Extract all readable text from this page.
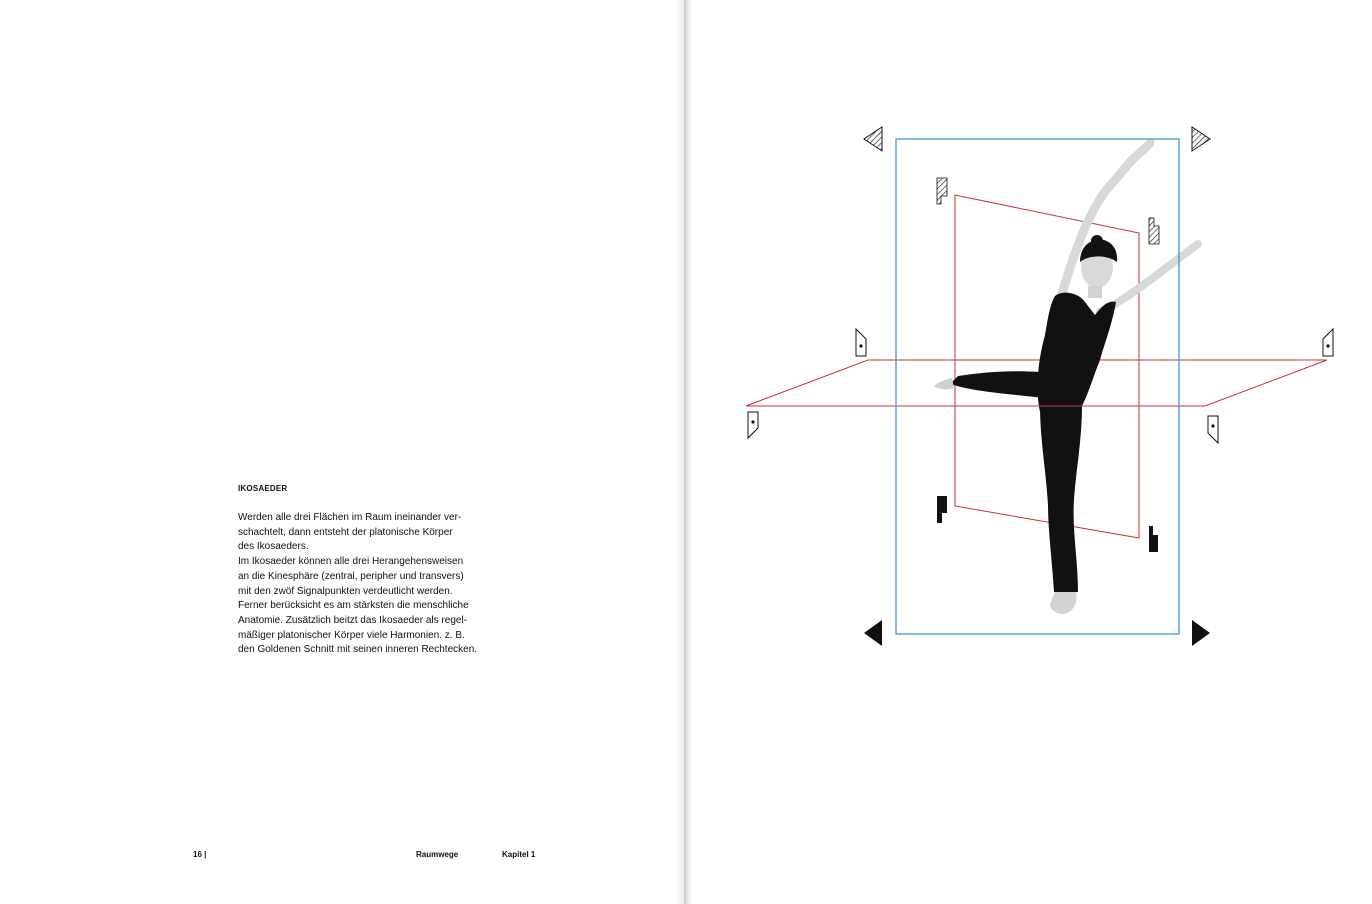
IKOSAEDER

Werden alle drei Flächen im Raum ineinander ver-
schachtelt, dann entsteht der platonische Körper
des Ikosaeders.
Im Ikosaeder können alle drei Herangehensweisen
an die Kinesphäre (zentral, peripher und transvers)
mit den zwöf Signalpunkten verdeutlicht werden.
Ferner berücksicht es am stärksten die menschliche
Anatomie. Zusätzlich beitzt das Ikosaeder als regel-
mäßiger platonischer Körper viele Harmonien. z. B.
den Goldenen Schnitt mit seinen inneren Rechtecken.
16 |	Raumwege	Kapitel 1
